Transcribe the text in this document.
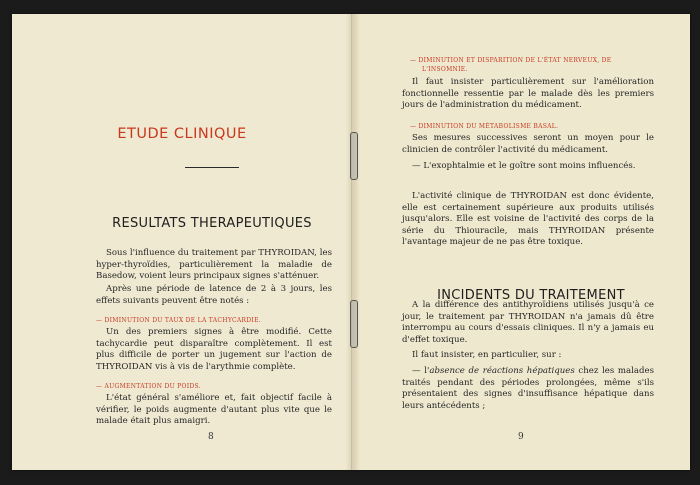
ETUDE CLINIQUE
RESULTATS THERAPEUTIQUES

Sous l'influence du traitement par THYROIDAN, les hyper-thyroïdies, particulièrement la maladie de Basedow, voient leurs principaux signes s'atténuer.

Après une période de latence de 2 à 3 jours, les effets suivants peuvent être notés :

— DIMINUTION DU TAUX DE LA TACHYCARDIE.

Un des premiers signes à être modifié. Cette tachycardie peut disparaître complètement. Il est plus difficile de porter un jugement sur l'action de THYROIDAN vis à vis de l'arythmie complète.

— AUGMENTATION DU POIDS.

L'état général s'améliore et, fait objectif facile à vérifier, le poids augmente d'autant plus vite que le malade était plus amaigri.

8

— DIMINUTION ET DISPARITION DE L'ÉTAT NERVEUX, DE

L'INSOMNIE.

Il faut insister particulièrement sur l'amélioration fonctionnelle ressentie par le malade dès les premiers jours de l'administration du médicament.

— DIMINUTION DU MÉTABOLISME BASAL.

Ses mesures successives seront un moyen pour le clinicien de contrôler l'activité du médicament.

— L'exophtalmie et le goître sont moins influencés.

L'activité clinique de THYROIDAN est donc évidente, elle est certainement supérieure aux produits utilisés jusqu'alors. Elle est voisine de l'activité des corps de la série du Thiouracile, mais THYROIDAN présente l'avantage majeur de ne pas être toxique.

INCIDENTS DU TRAITEMENT

A la différence des antithyroïdiens utilisés jusqu'à ce jour, le traitement par THYROIDAN n'a jamais dû être interrompu au cours d'essais cliniques. Il n'y a jamais eu d'effet toxique.

Il faut insister, en particulier, sur :

— l'absence de réactions hépatiques chez les malades traités pendant des périodes prolongées, même s'ils présentaient des signes d'insuffisance hépatique dans leurs antécédents ;

9
